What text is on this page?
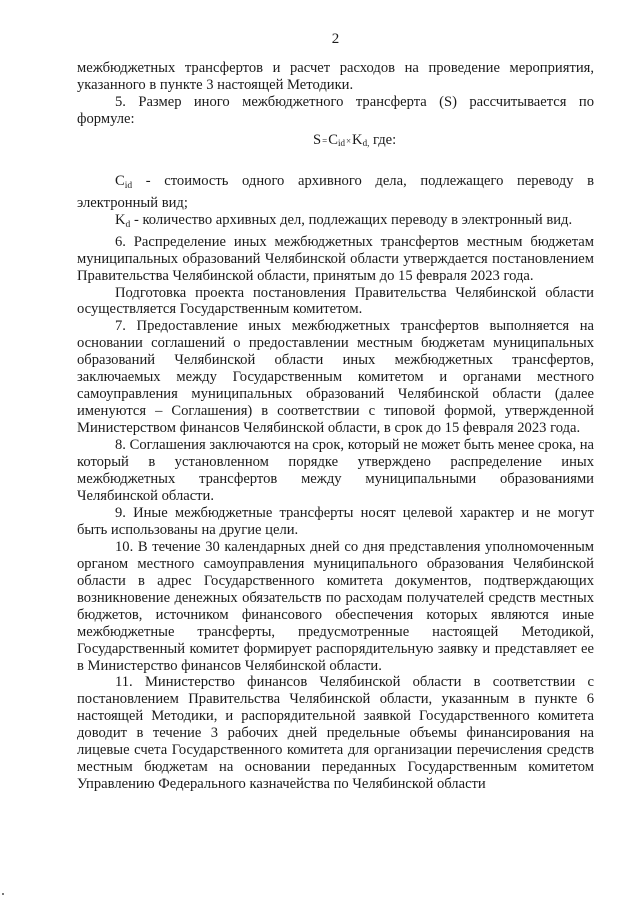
2

межбюджетных трансфертов и расчет расходов на проведение мероприятия, указанного в пункте 3 настоящей Методики.

5. Размер иного межбюджетного трансферта (S) рассчитывается по формуле:

$S=C_{id}\times K_{d,}$ где:

$C_{id}$ - стоимость одного архивного дела, подлежащего переводу в электронный вид;

$K_d$ - количество архивных дел, подлежащих переводу в электронный вид.

6. Распределение иных межбюджетных трансфертов местным бюджетам муниципальных образований Челябинской области утверждается постановлением Правительства Челябинской области, принятым до 15 февраля 2023 года.

Подготовка проекта постановления Правительства Челябинской области осуществляется Государственным комитетом.

7. Предоставление иных межбюджетных трансфертов выполняется на основании соглашений о предоставлении местным бюджетам муниципальных образований Челябинской области иных межбюджетных трансфертов, заключаемых между Государственным комитетом и органами местного самоуправления муниципальных образований Челябинской области (далее именуются – Соглашения) в соответствии с типовой формой, утвержденной Министерством финансов Челябинской области, в срок до 15 февраля 2023 года.

8. Соглашения заключаются на срок, который не может быть менее срока, на который в установленном порядке утверждено распределение иных межбюджетных трансфертов между муниципальными образованиями Челябинской области.

9. Иные межбюджетные трансферты носят целевой характер и не могут быть использованы на другие цели.

10. В течение 30 календарных дней со дня представления уполномоченным органом местного самоуправления муниципального образования Челябинской области в адрес Государственного комитета документов, подтверждающих возникновение денежных обязательств по расходам получателей средств местных бюджетов, источником финансового обеспечения которых являются иные межбюджетные трансферты, предусмотренные настоящей Методикой, Государственный комитет формирует распорядительную заявку и представляет ее в Министерство финансов Челябинской области.

11. Министерство финансов Челябинской области в соответствии с постановлением Правительства Челябинской области, указанным в пункте 6 настоящей Методики, и распорядительной заявкой Государственного комитета доводит в течение 3 рабочих дней предельные объемы финансирования на лицевые счета Государственного комитета для организации перечисления средств местным бюджетам на основании переданных Государственным комитетом Управлению Федерального казначейства по Челябинской области
